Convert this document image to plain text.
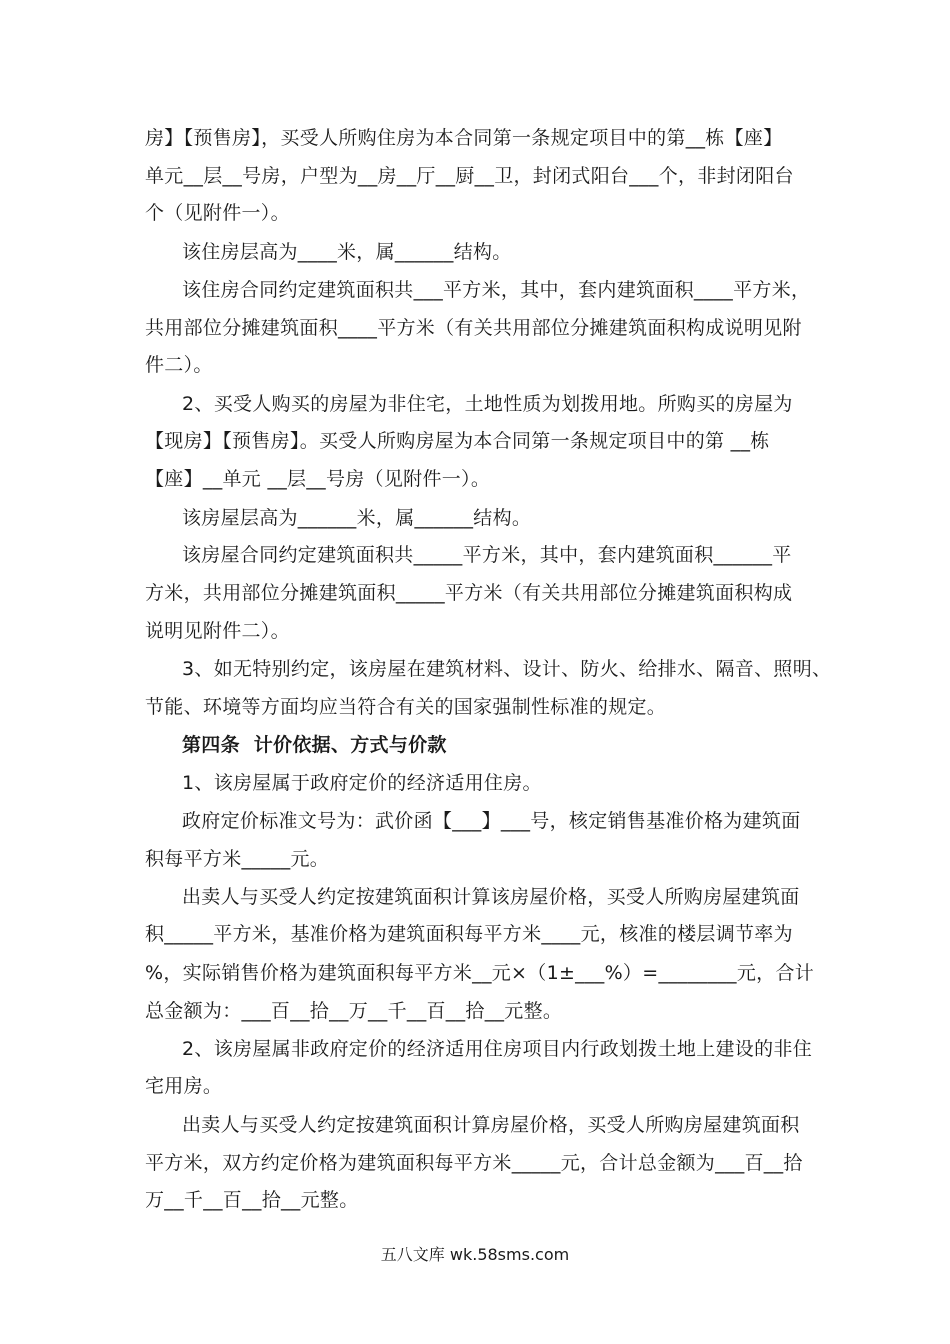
房】【预售房】，买受人所购住房为本合同第一条规定项目中的第__栋【座】
单元__层__号房，户型为__房__厅__厨__卫，封闭式阳台___个，非封闭阳台
个（见附件一）。
该住房层高为____米，属______结构。
该住房合同约定建筑面积共___平方米，其中，套内建筑面积____平方米，
共用部位分摊建筑面积____平方米（有关共用部位分摊建筑面积构成说明见附
件二）。
2、买受人购买的房屋为非住宅，土地性质为划拨用地。所购买的房屋为
【现房】【预售房】。买受人所购房屋为本合同第一条规定项目中的第 __栋
【座】__单元 __层__号房（见附件一）。
该房屋层高为______米，属______结构。
该房屋合同约定建筑面积共_____平方米，其中，套内建筑面积______平
方米，共用部位分摊建筑面积_____平方米（有关共用部位分摊建筑面积构成
说明见附件二）。
3、如无特别约定，该房屋在建筑材料、设计、防火、给排水、隔音、照明、
节能、环境等方面均应当符合有关的国家强制性标准的规定。
第四条  计价依据、方式与价款
1、该房屋属于政府定价的经济适用住房。
政府定价标准文号为：武价函【___】___号，核定销售基准价格为建筑面
积每平方米_____元。
出卖人与买受人约定按建筑面积计算该房屋价格，买受人所购房屋建筑面
积_____平方米，基准价格为建筑面积每平方米____元，核准的楼层调节率为
%，实际销售价格为建筑面积每平方米__元×（1±___%）=________元，合计
总金额为：___百__拾__万__千__百__拾__元整。
2、该房屋属非政府定价的经济适用住房项目内行政划拨土地上建设的非住
宅用房。
出卖人与买受人约定按建筑面积计算房屋价格，买受人所购房屋建筑面积
平方米，双方约定价格为建筑面积每平方米_____元，合计总金额为___百__拾
万__千__百__拾__元整。
五八文库 wk.58sms.com
